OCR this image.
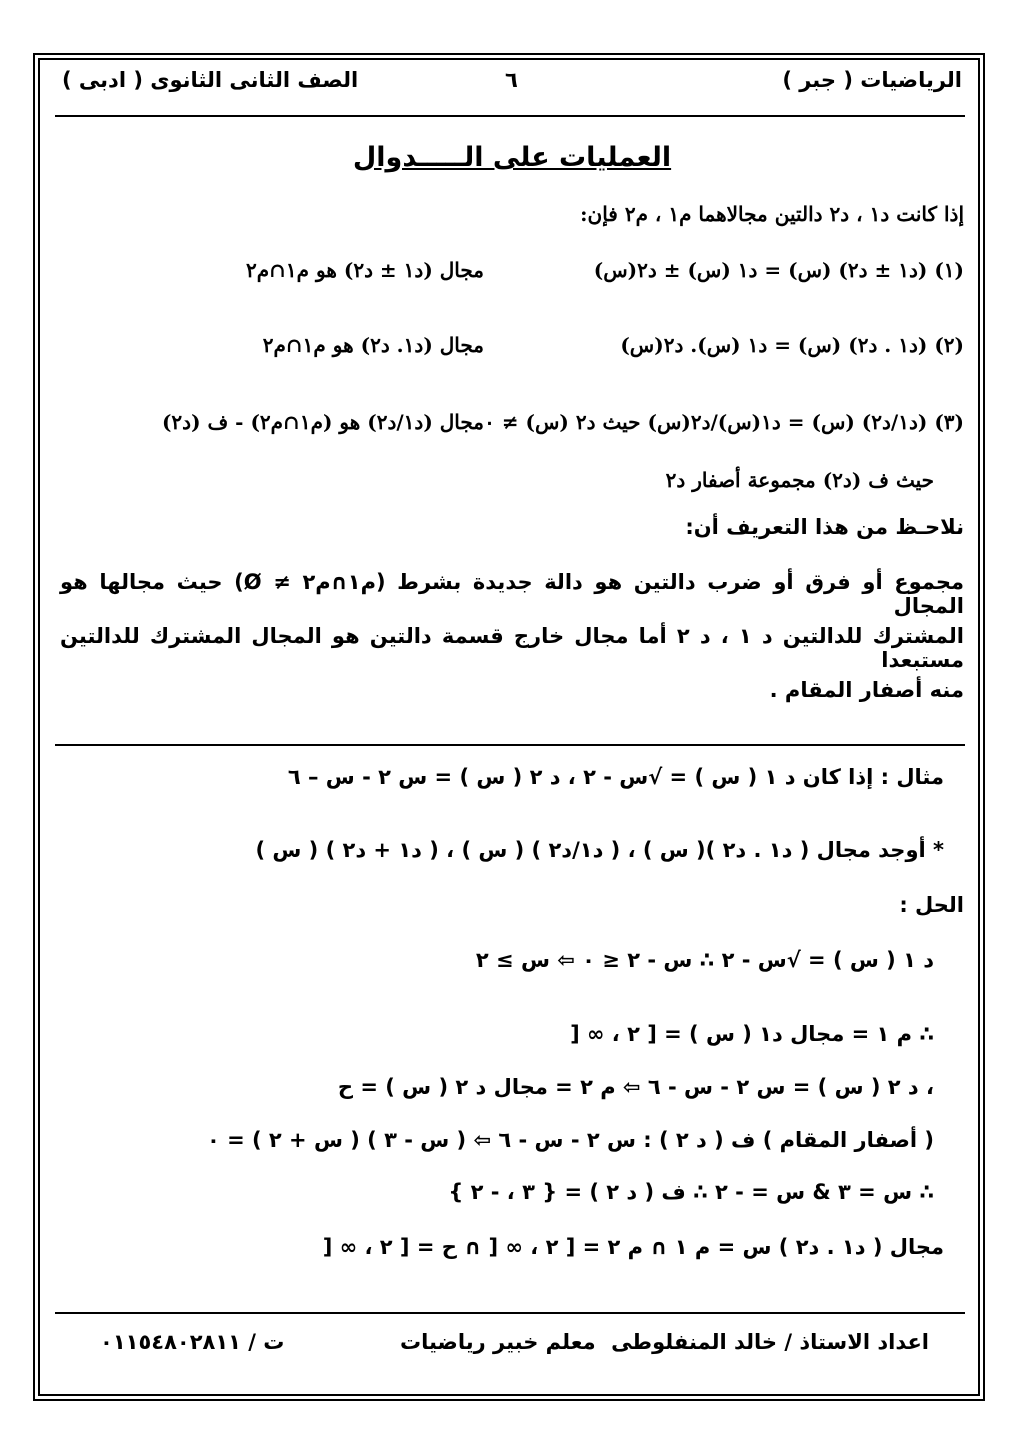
الرياضيات ( جبر )
٦
الصف الثانى الثانوى ( ادبى )
العمليات على الـــــدوال
إذا كانت د١ ، د٢ دالتين مجالاهما م١ ، م٢ فإن:
(١) (د١ ± د٢) (س) = د١ (س) ± د٢(س)
مجال (د١ ± د٢) هو م١∩م٢
(٢) (د١ . د٢) (س) = د١ (س). د٢(س)
مجال (د١. د٢) هو م١∩م٢
(٣) (د١/د٢) (س) = د١(س)/د٢(س) حيث د٢ (س) ≠ ٠
مجال (د١/د٢) هو (م١∩م٢) - ف (د٢)
حيث ف (د٢) مجموعة أصفار د٢
نلاحـظ من هذا التعريف أن:
مجموع أو فرق أو ضرب دالتين هو دالة جديدة بشرط (م١∩م٢ ≠ Ø) حيث مجالها هو المجال
المشترك للدالتين د ١ ، د ٢ أما مجال خارج قسمة دالتين هو المجال المشترك للدالتين مستبعدا
منه أصفار المقام .
مثال : إذا كان د ١ ( س ) = √س - ٢ ، د ٢ ( س ) = س ٢ - س – ٦
* أوجد مجال ( د١ . د٢ )( س ) ، ( د١/د٢ ) ( س ) ، ( د١ + د٢ ) ( س )
الحل :
د ١ ( س ) = √س - ٢ ∴ س - ٢ ≤ ٠ ⇦ س ≥ ٢
∴ م ١ = مجال د١ ( س ) = [ ٢ ، ∞ [
، د ٢ ( س ) = س ٢ - س - ٦ ⇦ م ٢ = مجال د ٢ ( س ) = ح
( أصفار المقام ) ف ( د ٢ ) : س ٢ - س - ٦ ⇦ ( س - ٣ ) ( س + ٢ ) = ٠
∴ س = ٣ & س = - ٢ ∴ ف ( د ٢ ) = { ٣ ، - ٢ }
مجال ( د١ . د٢ ) س = م ١ ∩ م ٢ = [ ٢ ، ∞ [ ∩ ح = [ ٢ ، ∞ [
اعداد الاستاذ / خالد المنفلوطى
معلم خبير رياضيات
ت / ٠١١٥٤٨٠٢٨١١
